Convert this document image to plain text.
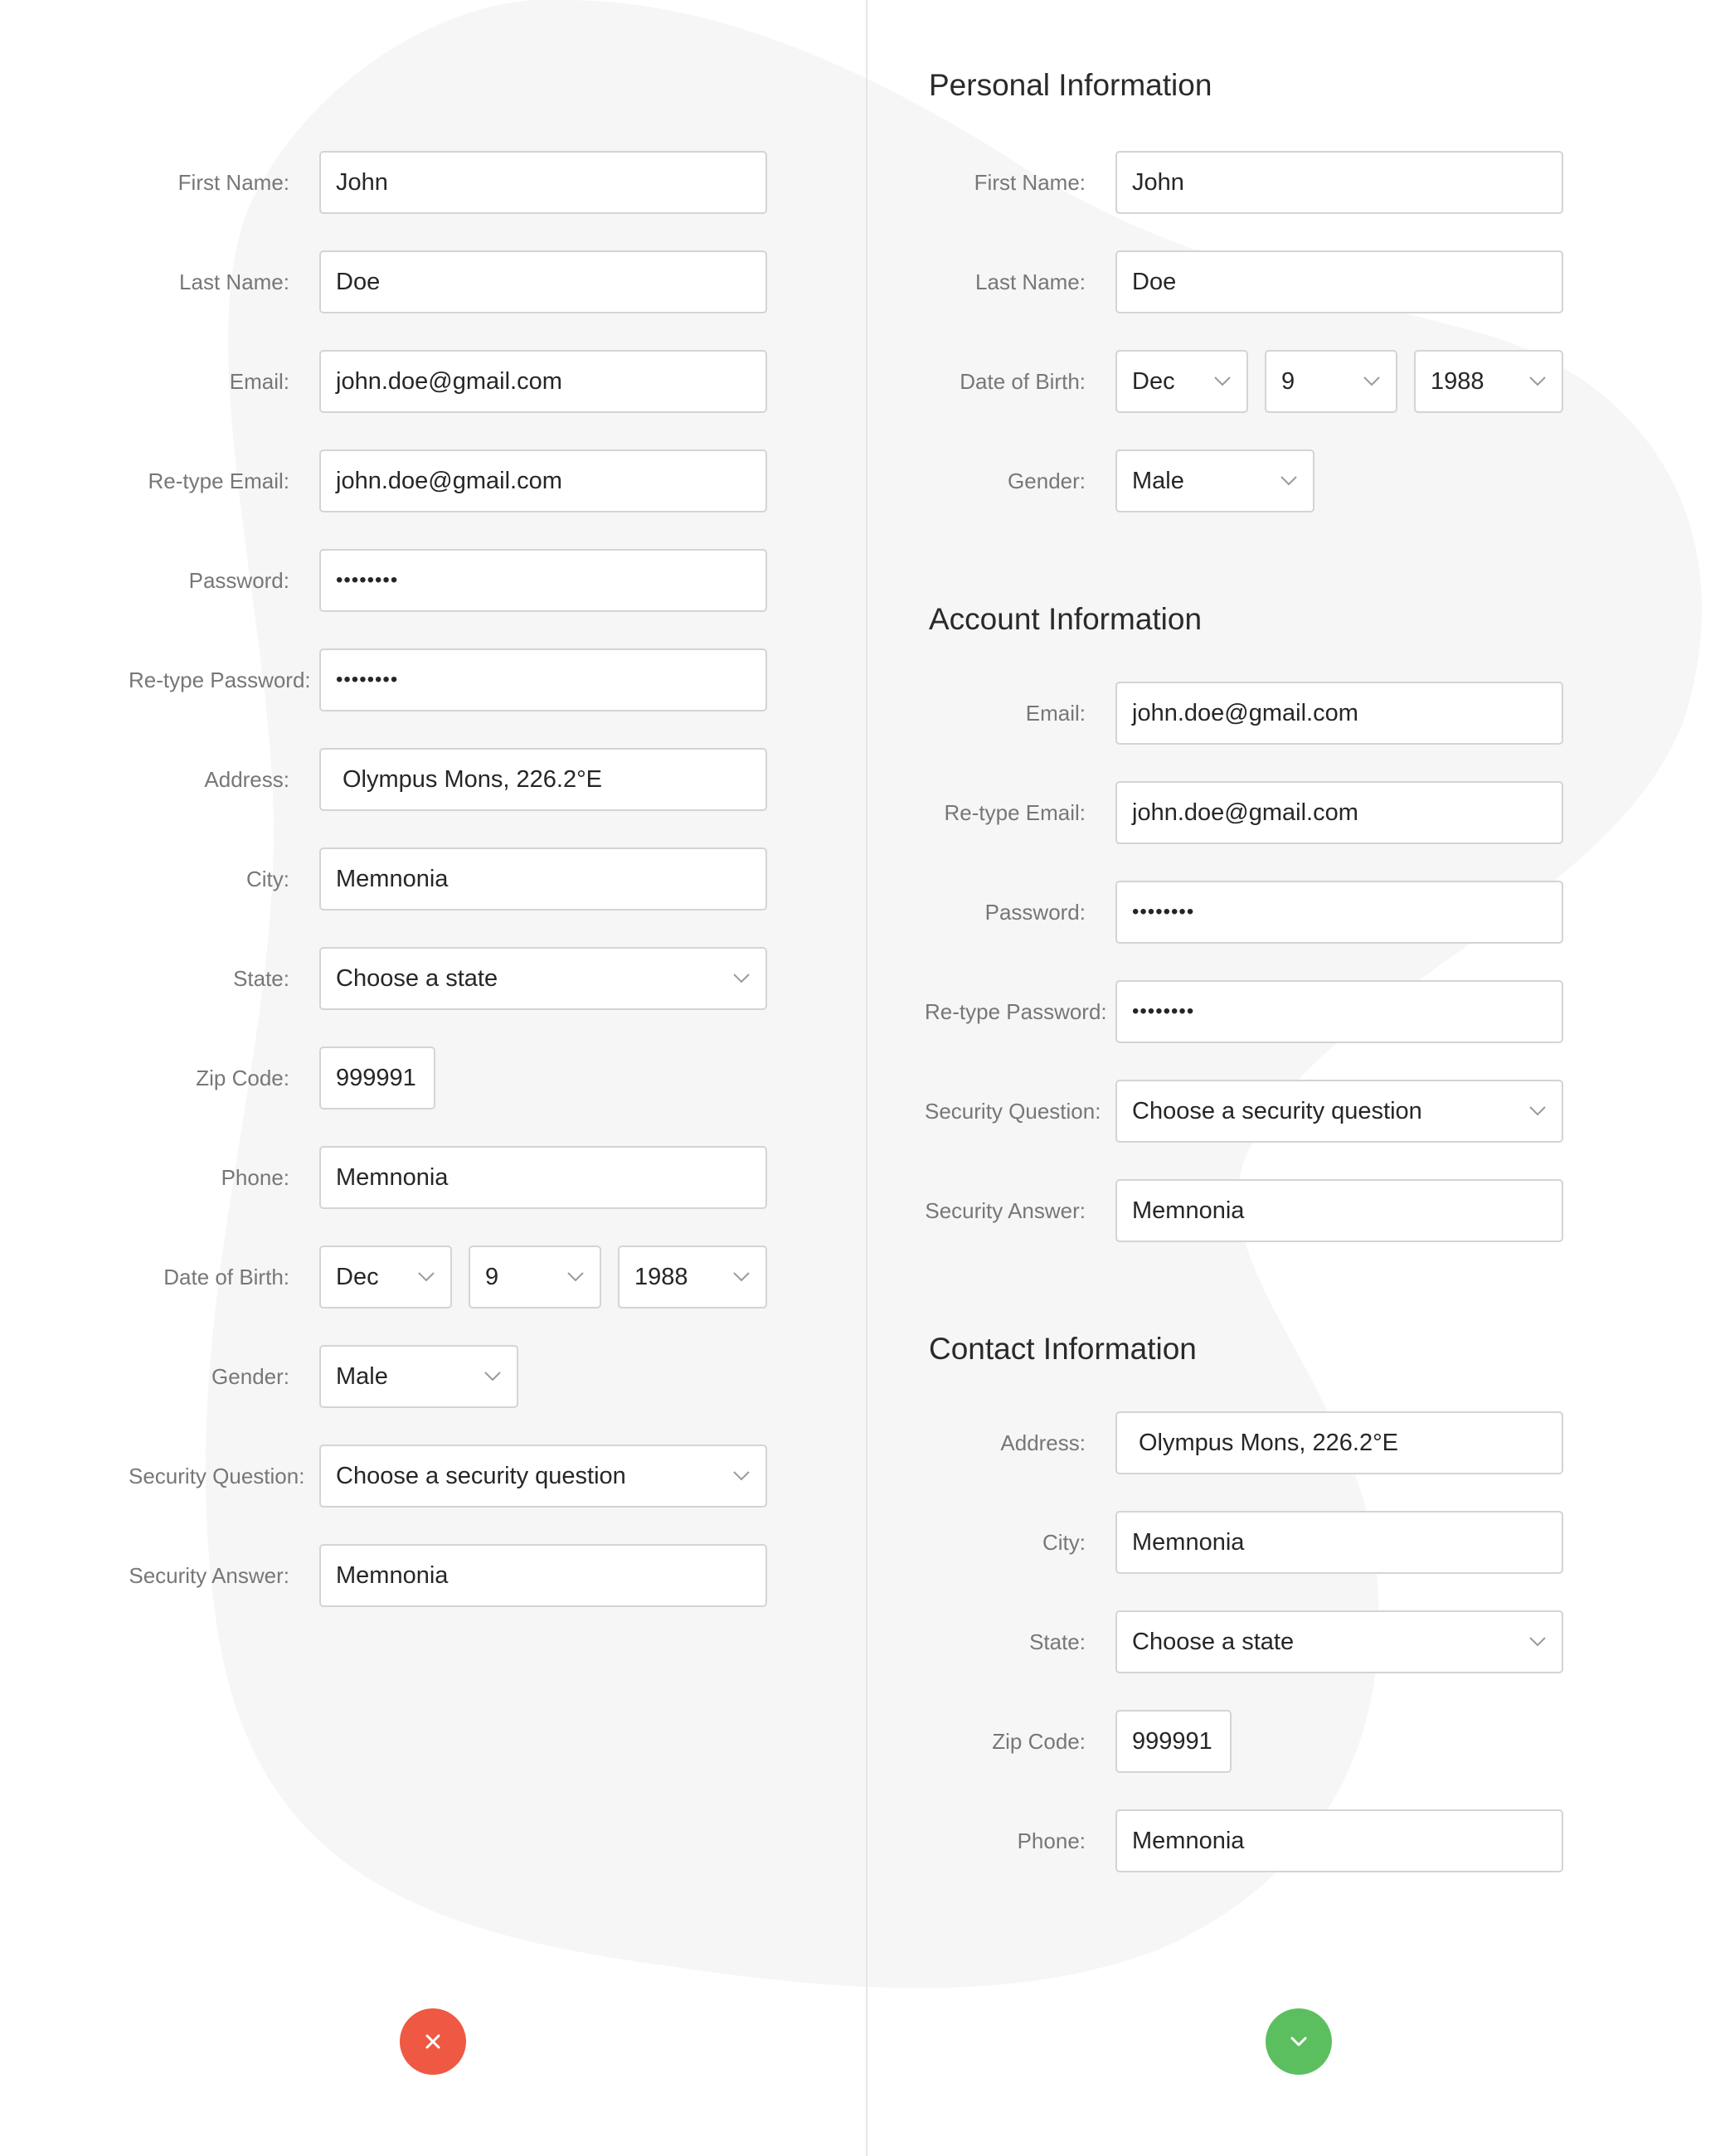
First Name:	John
Last Name:	Doe
Email:	john.doe@gmail.com
Re-type Email:	john.doe@gmail.com
Password:	••••••••
Re-type Password:	••••••••
Address:	Olympus Mons, 226.2°E
City:	Memnonia
State:	Choose a state
Zip Code:	999991
Phone:	Memnonia
Date of Birth:	Dec	9	1988
Gender:	Male
Security Question:	Choose a security question
Security Answer:	Memnonia
Personal Information
First Name:	John
Last Name:	Doe
Date of Birth:	Dec	9	1988
Gender:	Male
Account Information
Email:	john.doe@gmail.com
Re-type Email:	john.doe@gmail.com
Password:	••••••••
Re-type Password:	••••••••
Security Question:	Choose a security question
Security Answer:	Memnonia
Contact Information
Address:	Olympus Mons, 226.2°E
City:	Memnonia
State:	Choose a state
Zip Code:	999991
Phone:	Memnonia
